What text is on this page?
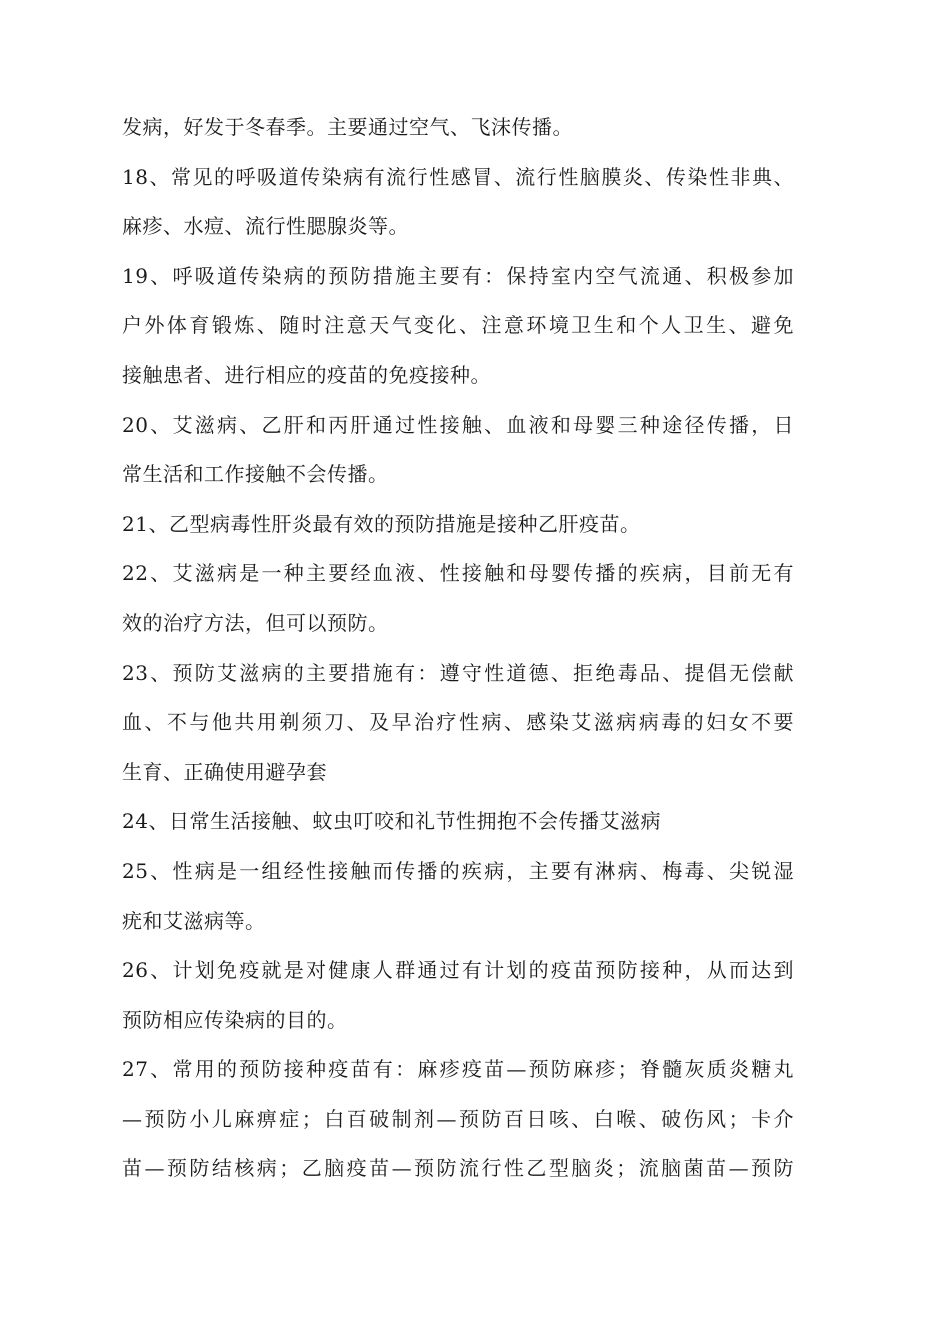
发病，好发于冬春季。主要通过空气、飞沫传播。
18、常见的呼吸道传染病有流行性感冒、流行性脑膜炎、传染性非典、
麻疹、水痘、流行性腮腺炎等。
19、呼吸道传染病的预防措施主要有：保持室内空气流通、积极参加
户外体育锻炼、随时注意天气变化、注意环境卫生和个人卫生、避免
接触患者、进行相应的疫苗的免疫接种。
20、艾滋病、乙肝和丙肝通过性接触、血液和母婴三种途径传播，日
常生活和工作接触不会传播。
21、乙型病毒性肝炎最有效的预防措施是接种乙肝疫苗。
22、艾滋病是一种主要经血液、性接触和母婴传播的疾病，目前无有
效的治疗方法，但可以预防。
23、预防艾滋病的主要措施有：遵守性道德、拒绝毒品、提倡无偿献
血、不与他共用剃须刀、及早治疗性病、感染艾滋病病毒的妇女不要
生育、正确使用避孕套
24、日常生活接触、蚊虫叮咬和礼节性拥抱不会传播艾滋病
25、性病是一组经性接触而传播的疾病，主要有淋病、梅毒、尖锐湿
疣和艾滋病等。
26、计划免疫就是对健康人群通过有计划的疫苗预防接种，从而达到
预防相应传染病的目的。
27、常用的预防接种疫苗有：麻疹疫苗—预防麻疹；脊髓灰质炎糖丸
—预防小儿麻痹症；白百破制剂—预防百日咳、白喉、破伤风；卡介
苗—预防结核病；乙脑疫苗—预防流行性乙型脑炎；流脑菌苗—预防
